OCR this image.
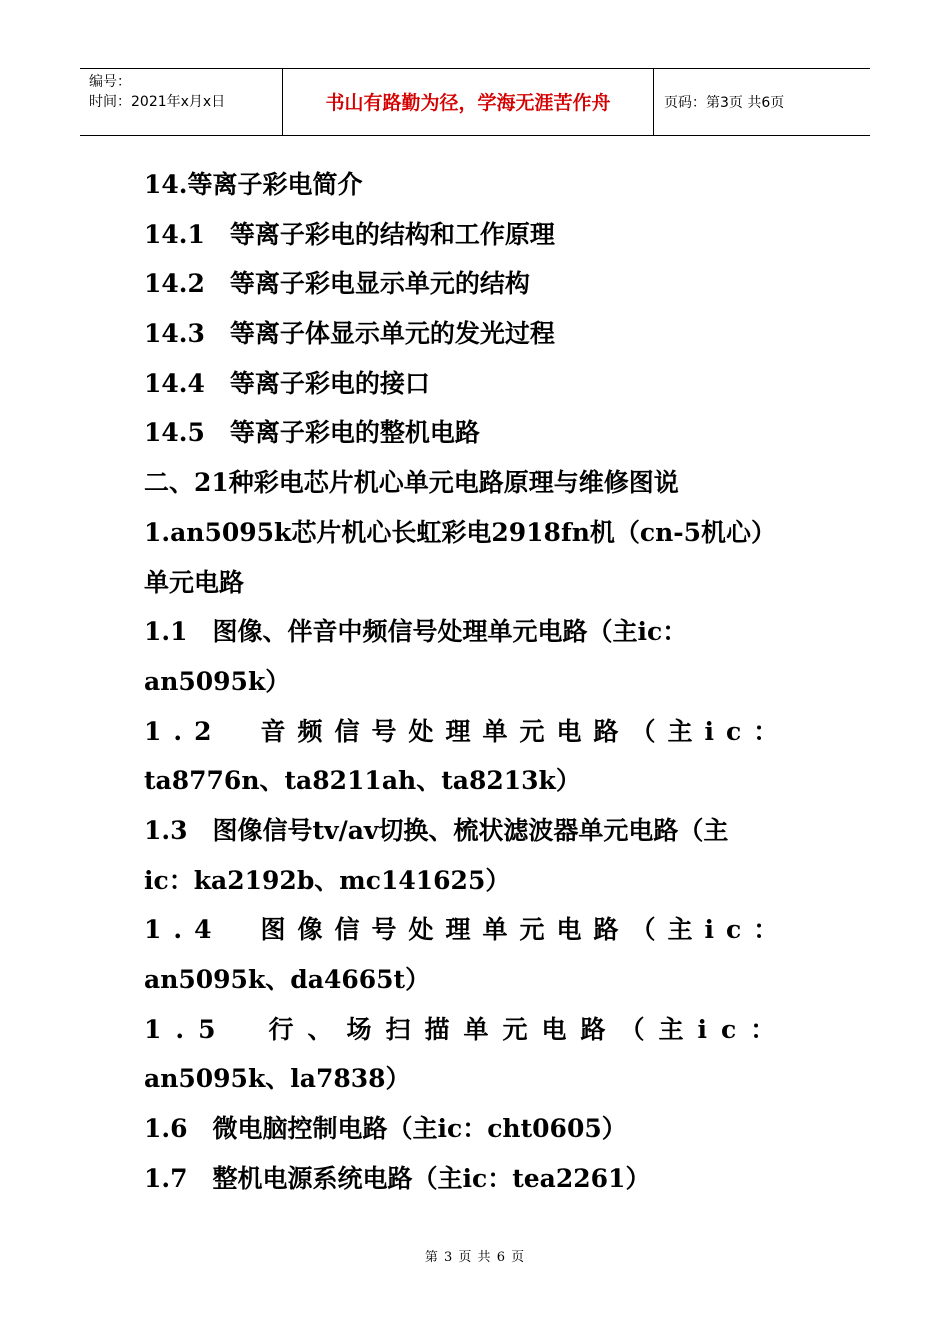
编号：
时间：2021年x月x日	书山有路勤为径，学海无涯苦作舟	页码：第3页 共6页
14.等离子彩电简介
14.1　等离子彩电的结构和工作原理
14.2　等离子彩电显示单元的结构
14.3　等离子体显示单元的发光过程
14.4　等离子彩电的接口
14.5　等离子彩电的整机电路
二、21种彩电芯片机心单元电路原理与维修图说
1.an5095k芯片机心长虹彩电2918fn机（cn-5机心）
单元电路
1.1　图像、伴音中频信号处理单元电路（主ic：
an5095k）
1.2　音频信号处理单元电路（主ic：
ta8776n、ta8211ah、ta8213k）
1.3　图像信号tv/av切换、梳状滤波器单元电路（主
ic：ka2192b、mc141625）
1.4　图像信号处理单元电路（主ic：
an5095k、da4665t）
1.5　行、场扫描单元电路（主ic：
an5095k、la7838）
1.6　微电脑控制电路（主ic：cht0605）
1.7　整机电源系统电路（主ic：tea2261）
第 3 页 共 6 页
